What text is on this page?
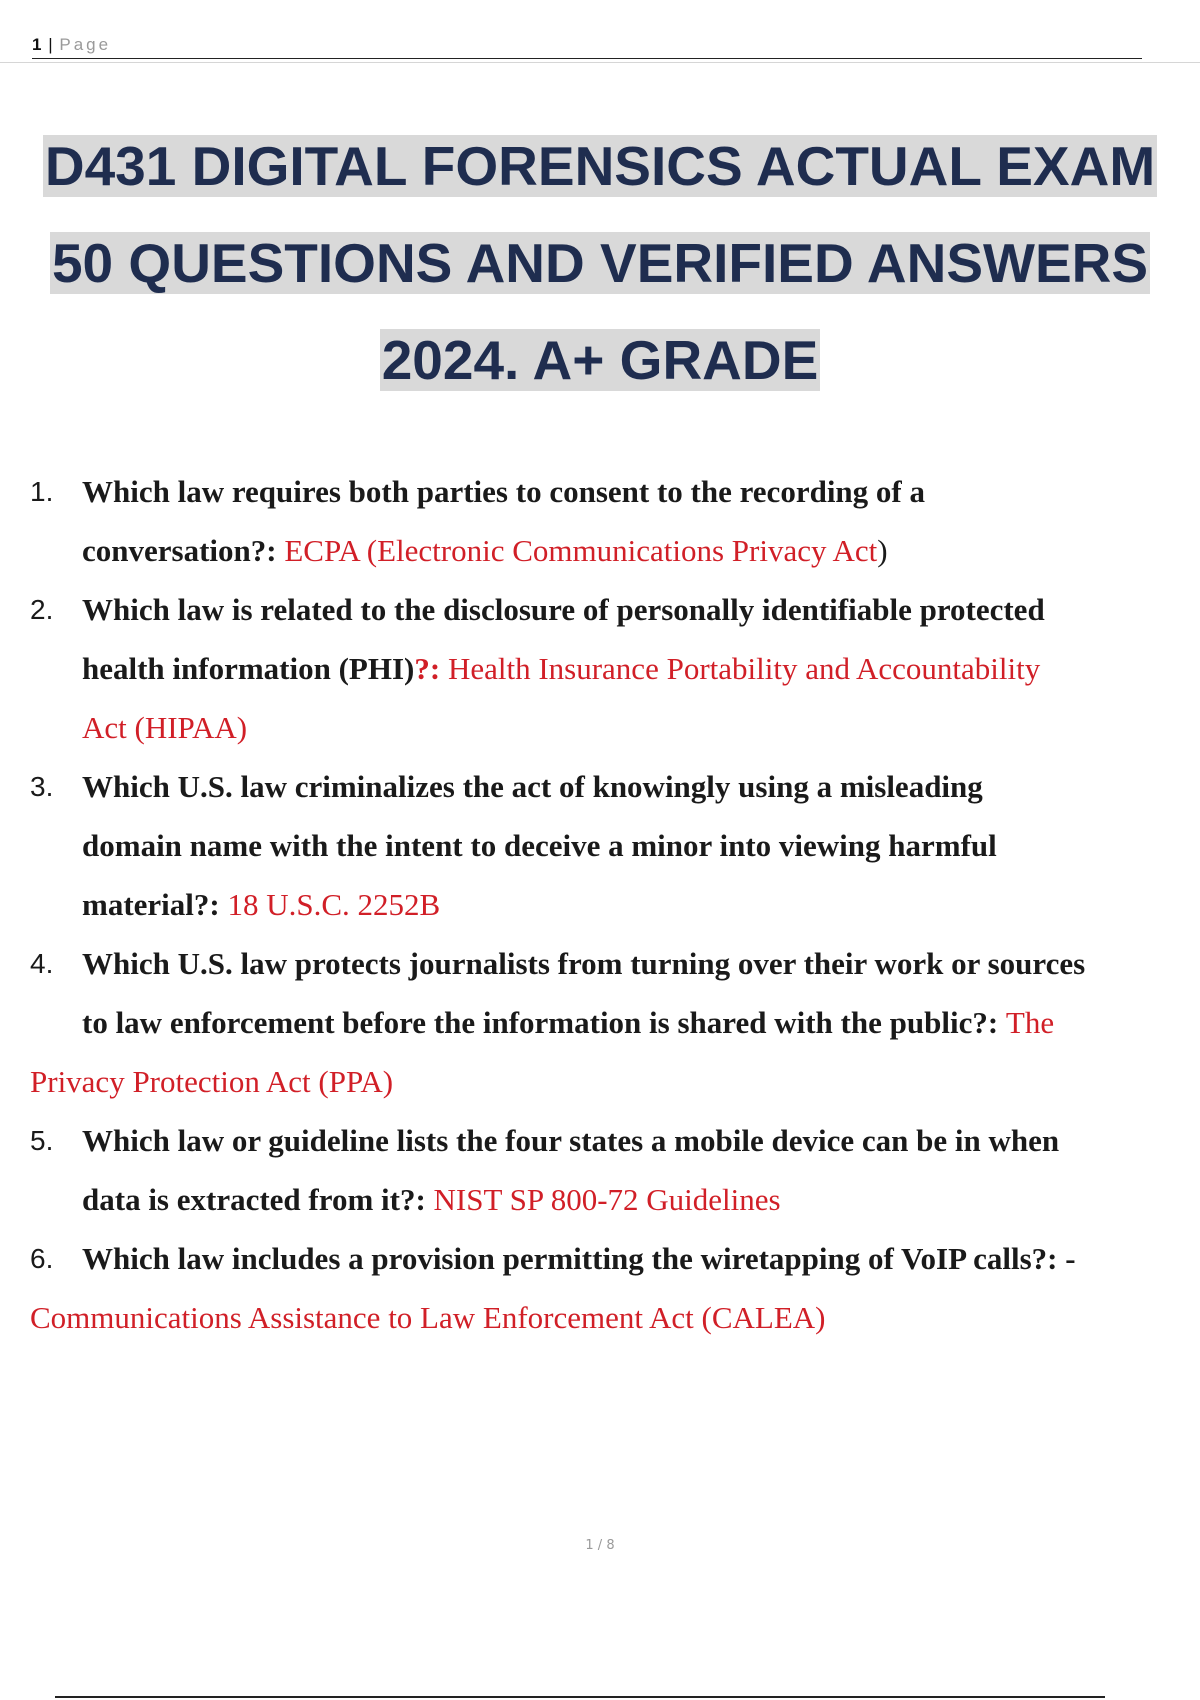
1 | Page
D431 DIGITAL FORENSICS ACTUAL EXAM
50 QUESTIONS AND VERIFIED ANSWERS
2024. A+ GRADE
1. Which law requires both parties to consent to the recording of a
conversation?: ECPA (Electronic Communications Privacy Act)
2. Which law is related to the disclosure of personally identifiable protected
health information (PHI)?: Health Insurance Portability and Accountability
Act (HIPAA)
3. Which U.S. law criminalizes the act of knowingly using a misleading
domain name with the intent to deceive a minor into viewing harmful
material?: 18 U.S.C. 2252B
4. Which U.S. law protects journalists from turning over their work or sources
to law enforcement before the information is shared with the public?: The
Privacy Protection Act (PPA)
5. Which law or guideline lists the four states a mobile device can be in when
data is extracted from it?: NIST SP 800-72 Guidelines
6. Which law includes a provision permitting the wiretapping of VoIP calls?: -
Communications Assistance to Law Enforcement Act (CALEA)
1 / 8
